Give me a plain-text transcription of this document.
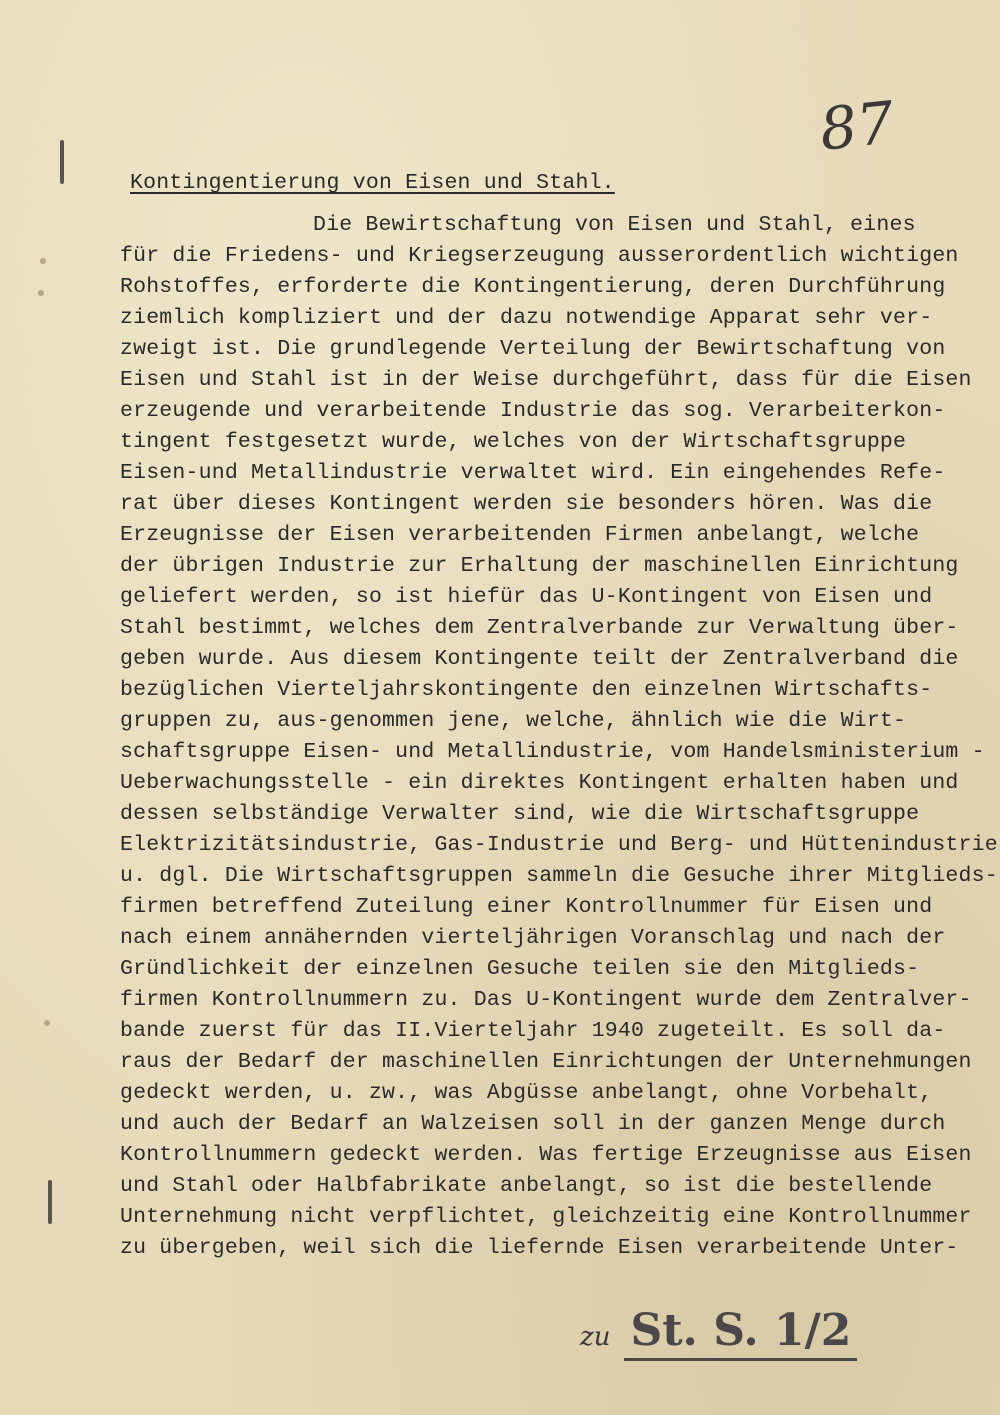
87
Kontingentierung von Eisen und Stahl.
Die Bewirtschaftung von Eisen und Stahl, eines
für die Friedens- und Kriegserzeugung ausserordentlich wichtigen
Rohstoffes, erforderte die Kontingentierung, deren Durchführung
ziemlich kompliziert und der dazu notwendige Apparat sehr ver-
zweigt ist. Die grundlegende Verteilung der Bewirtschaftung von
Eisen und Stahl ist in der Weise durchgeführt, dass für die Eisen
erzeugende und verarbeitende Industrie das sog. Verarbeiterkon-
tingent festgesetzt wurde, welches von der Wirtschaftsgruppe
Eisen-und Metallindustrie verwaltet wird. Ein eingehendes Refe-
rat über dieses Kontingent werden sie besonders hören. Was die
Erzeugnisse der Eisen verarbeitenden Firmen anbelangt, welche
der übrigen Industrie zur Erhaltung der maschinellen Einrichtung
geliefert werden, so ist hiefür das U-Kontingent von Eisen und
Stahl bestimmt, welches dem Zentralverbande zur Verwaltung über-
geben wurde. Aus diesem Kontingente teilt der Zentralverband die
bezüglichen Vierteljahrskontingente den einzelnen Wirtschafts-
gruppen zu, aus-genommen jene, welche, ähnlich wie die Wirt-
schaftsgruppe Eisen- und Metallindustrie, vom Handelsministerium -
Ueberwachungsstelle - ein direktes Kontingent erhalten haben und
dessen selbständige Verwalter sind, wie die Wirtschaftsgruppe
Elektrizitätsindustrie, Gas-Industrie und Berg- und Hüttenindustrie
u. dgl. Die Wirtschaftsgruppen sammeln die Gesuche ihrer Mitglieds-
firmen betreffend Zuteilung einer Kontrollnummer für Eisen und
nach einem annähernden vierteljährigen Voranschlag und nach der
Gründlichkeit der einzelnen Gesuche teilen sie den Mitglieds-
firmen Kontrollnummern zu. Das U-Kontingent wurde dem Zentralver-
bande zuerst für das II.Vierteljahr 1940 zugeteilt. Es soll da-
raus der Bedarf der maschinellen Einrichtungen der Unternehmungen
gedeckt werden, u. zw., was Abgüsse anbelangt, ohne Vorbehalt,
und auch der Bedarf an Walzeisen soll in der ganzen Menge durch
Kontrollnummern gedeckt werden. Was fertige Erzeugnisse aus Eisen
und Stahl oder Halbfabrikate anbelangt, so ist die bestellende
Unternehmung nicht verpflichtet, gleichzeitig eine Kontrollnummer
zu übergeben, weil sich die liefernde Eisen verarbeitende Unter-
zu St. S. 1/2
